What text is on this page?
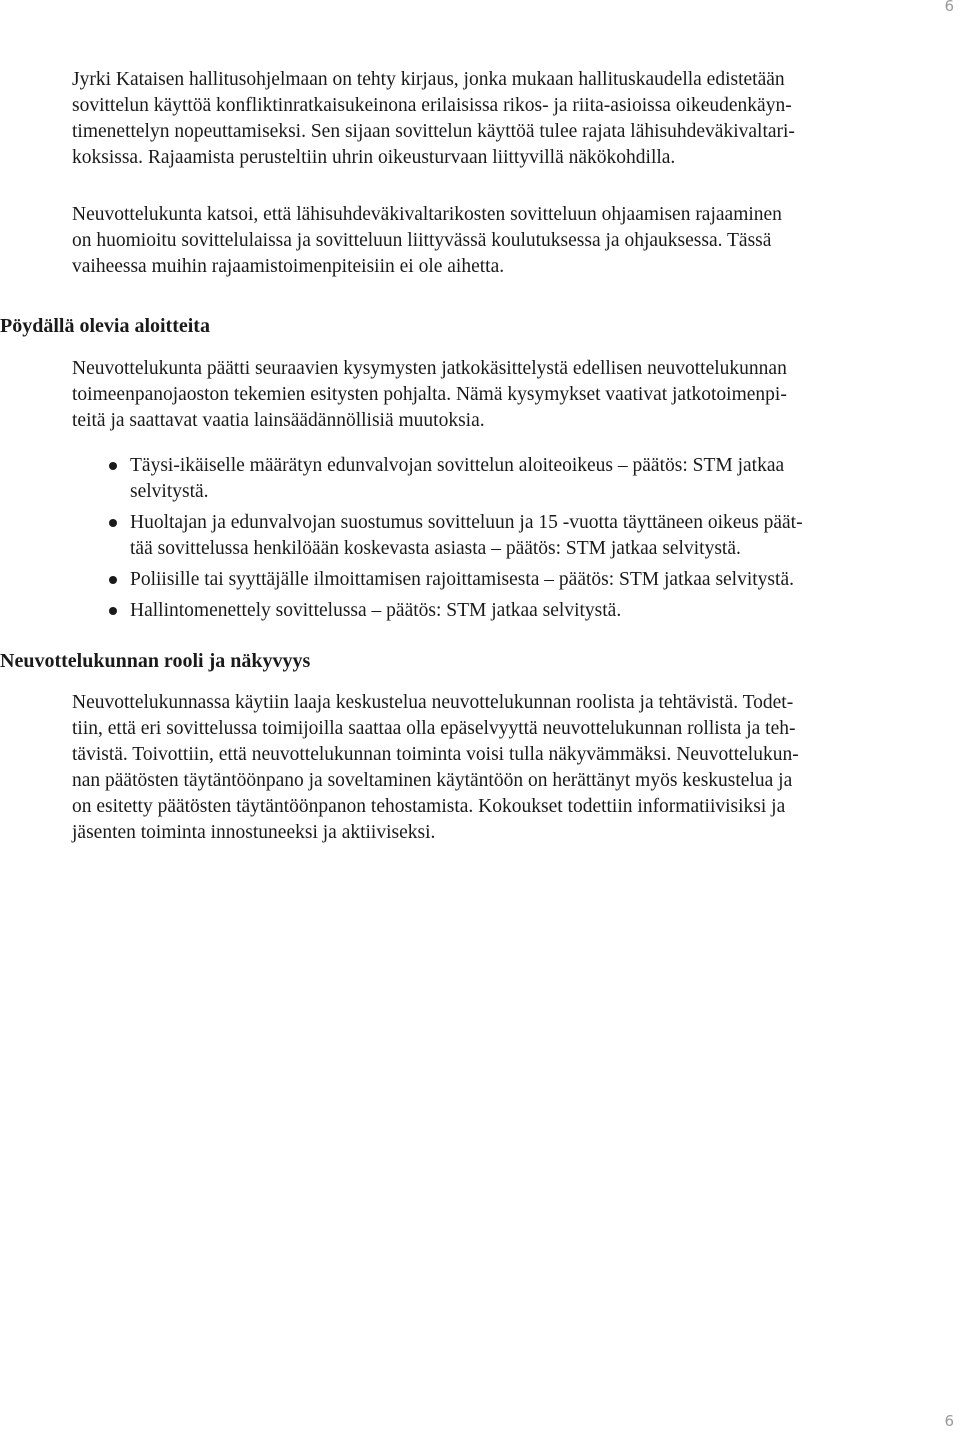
6
Jyrki Kataisen hallitusohjelmaan on tehty kirjaus, jonka mukaan hallituskaudella edistetään
sovittelun käyttöä konfliktinratkaisukeinona erilaisissa rikos- ja riita-asioissa oikeudenkäyn-
timenettelyn nopeuttamiseksi. Sen sijaan sovittelun käyttöä tulee rajata lähisuhdeväkivaltari-
koksissa. Rajaamista perusteltiin uhrin oikeusturvaan liittyvillä näkökohdilla.
Neuvottelukunta katsoi, että lähisuhdeväkivaltarikosten sovitteluun ohjaamisen rajaaminen
on huomioitu sovittelulaissa ja sovitteluun liittyvässä koulutuksessa ja ohjauksessa. Tässä
vaiheessa muihin rajaamistoimenpiteisiin ei ole aihetta.
Pöydällä olevia aloitteita
Neuvottelukunta päätti seuraavien kysymysten jatkokäsittelystä edellisen neuvottelukunnan
toimeenpanojaoston tekemien esitysten pohjalta. Nämä kysymykset vaativat jatkotoimenpi-
teitä ja saattavat vaatia lainsäädännöllisiä muutoksia.
Täysi-ikäiselle määrätyn edunvalvojan sovittelun aloiteoikeus – päätös: STM jatkaa
selvitystä.
Huoltajan ja edunvalvojan suostumus sovitteluun ja 15 -vuotta täyttäneen oikeus päät-
tää sovittelussa henkilöään koskevasta asiasta – päätös: STM jatkaa selvitystä.
Poliisille tai syyttäjälle ilmoittamisen rajoittamisesta – päätös: STM jatkaa selvitystä.
Hallintomenettely sovittelussa – päätös: STM jatkaa selvitystä.
Neuvottelukunnan rooli ja näkyvyys
Neuvottelukunnassa käytiin laaja keskustelua neuvottelukunnan roolista ja tehtävistä. Todet-
tiin, että eri sovittelussa toimijoilla saattaa olla epäselvyyttä neuvottelukunnan rollista ja teh-
tävistä. Toivottiin, että neuvottelukunnan toiminta voisi tulla näkyvämmäksi. Neuvottelukun-
nan päätösten täytäntöönpano ja soveltaminen käytäntöön on herättänyt myös keskustelua ja
on esitetty päätösten täytäntöönpanon tehostamista. Kokoukset todettiin informatiivisiksi ja
jäsenten toiminta innostuneeksi ja aktiiviseksi.
6
